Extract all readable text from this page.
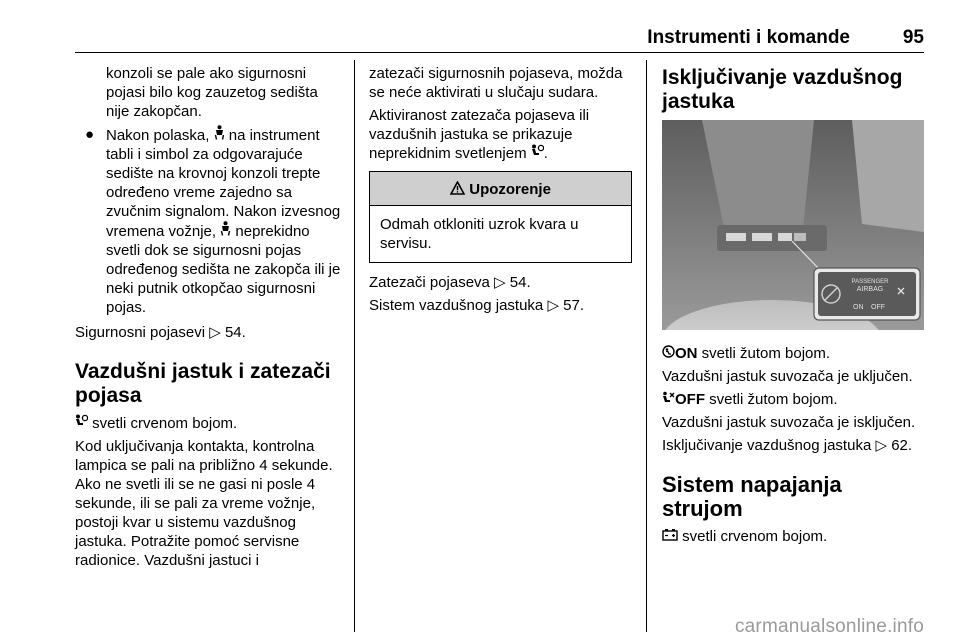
Instrumenti i komande	95

konzoli se pale ako sigurnosni pojasi bilo kog zauzetog sedišta nije zakopčan.

● Nakon polaska, na instrument tabli i simbol za odgovarajuće sedište na krovnoj konzoli trepte određeno vreme zajedno sa zvučnim signalom. Nakon izvesnog vremena vožnje, neprekidno svetli dok se sigurnosni pojas određenog sedišta ne zakopča ili je neki putnik otkopčao sigurnosni pojas.

Sigurnosni pojasevi ▷ 54.

Vazdušni jastuk i zatezači pojasa

svetli crvenom bojom.

Kod uključivanja kontakta, kontrolna lampica se pali na približno 4 sekunde. Ako ne svetli ili se ne gasi ni posle 4 sekunde, ili se pali za vreme vožnje, postoji kvar u sistemu vazdušnog jastuka. Potražite pomoć servisne radionice. Vazdušni jastuci i

zatezači sigurnosnih pojaseva, možda se neće aktivirati u slučaju sudara.

Aktiviranost zatezača pojaseva ili vazdušnih jastuka se prikazuje neprekidnim svetlenjem .

Upozorenje
Odmah otkloniti uzrok kvara u servisu.

Zatezači pojaseva ▷ 54.

Sistem vazdušnog jastuka ▷ 57.

Isključivanje vazdušnog jastuka
PASSENGER
AIRBAG
ON OFF

ON svetli žutom bojom.

Vazdušni jastuk suvozača je uključen.

OFF svetli žutom bojom.

Vazdušni jastuk suvozača je isključen.

Isključivanje vazdušnog jastuka ▷ 62.

Sistem napajanja strujom

svetli crvenom bojom.

carmanualsonline.info
